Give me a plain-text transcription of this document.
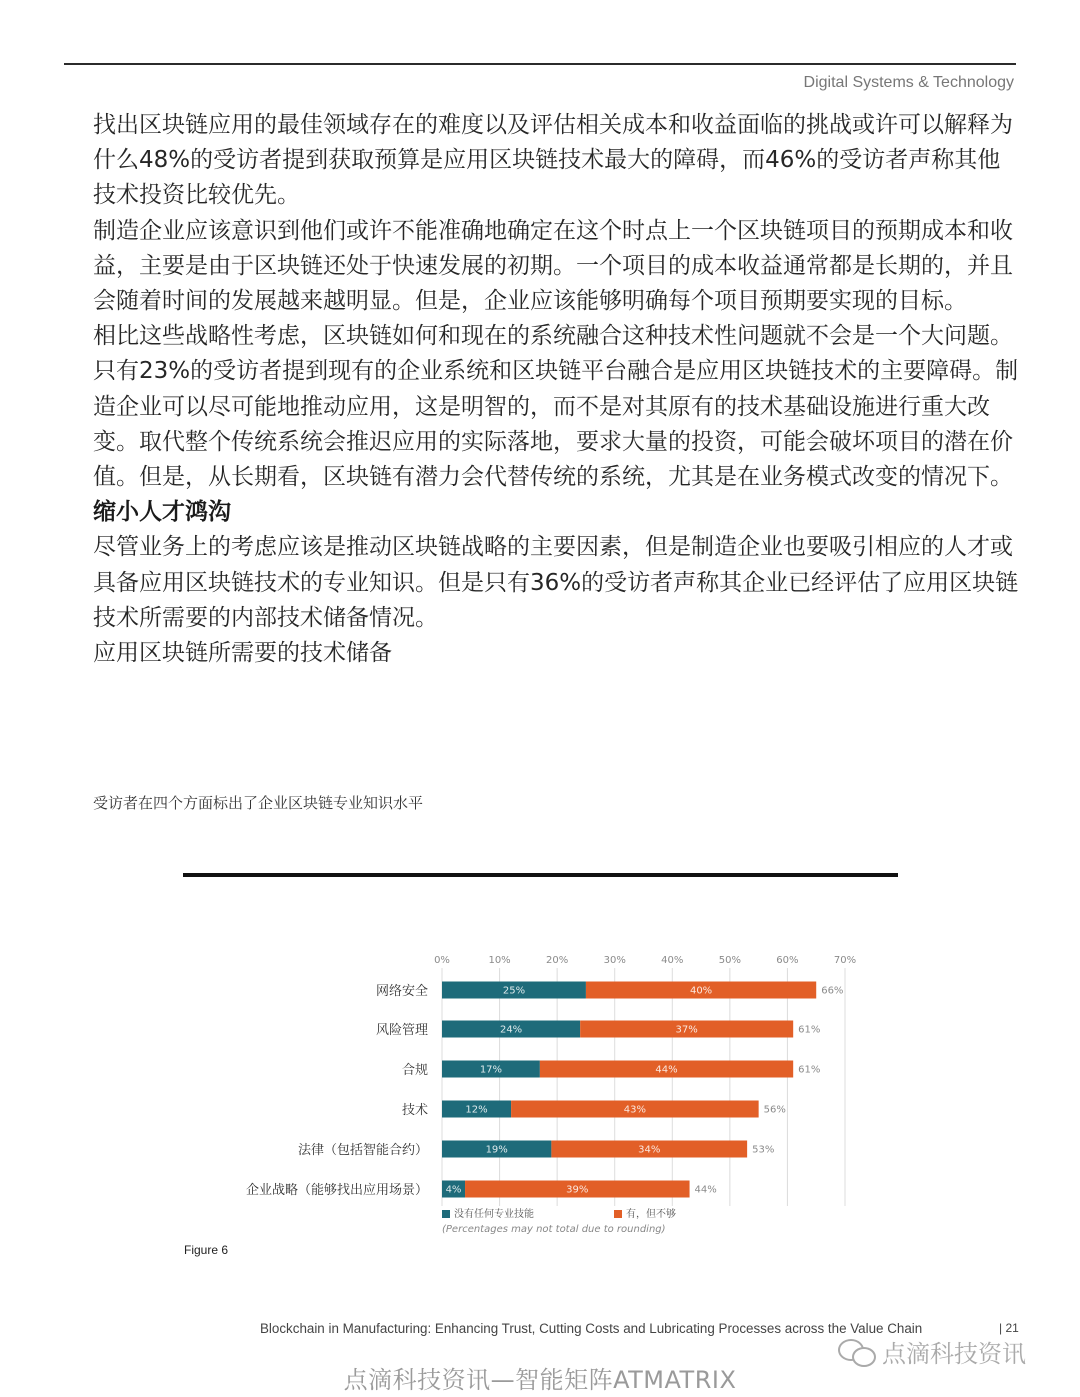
Digital Systems & Technology

找出区块链应用的最佳领域存在的难度以及评估相关成本和收益面临的挑战或许可以解释为什么48%的受访者提到获取预算是应用区块链技术最大的障碍，而46%的受访者声称其他技术投资比较优先。

制造企业应该意识到他们或许不能准确地确定在这个时点上一个区块链项目的预期成本和收益，主要是由于区块链还处于快速发展的初期。一个项目的成本收益通常都是长期的，并且会随着时间的发展越来越明显。但是，企业应该能够明确每个项目预期要实现的目标。

相比这些战略性考虑，区块链如何和现在的系统融合这种技术性问题就不会是一个大问题。只有23%的受访者提到现有的企业系统和区块链平台融合是应用区块链技术的主要障碍。制造企业可以尽可能地推动应用，这是明智的，而不是对其原有的技术基础设施进行重大改变。取代整个传统系统会推迟应用的实际落地，要求大量的投资，可能会破坏项目的潜在价值。但是，从长期看，区块链有潜力会代替传统的系统，尤其是在业务模式改变的情况下。

缩小人才鸿沟

尽管业务上的考虑应该是推动区块链战略的主要因素，但是制造企业也要吸引相应的人才或具备应用区块链技术的专业知识。但是只有36%的受访者声称其企业已经评估了应用区块链技术所需要的内部技术储备情况。

应用区块链所需要的技术储备

受访者在四个方面标出了企业区块链专业知识水平
0%	10%	20%	30%	40%	50%	60%	70%
网络安全	25%	40%	66%
风险管理	24%	37%	61%
合规	17%	44%	61%
技术	12%	43%	56%
法律（包括智能合约）	19%	34%	53%
企业战略（能够找出应用场景） 4%	39%	44%
没有任何专业技能	有，但不够
(Percentages may not total due to rounding)
Figure 6
Blockchain in Manufacturing: Enhancing Trust, Cutting Costs and Lubricating Processes across the Value Chain	| 21
点滴科技资讯
点滴科技资讯—智能矩阵ATMATRIX
